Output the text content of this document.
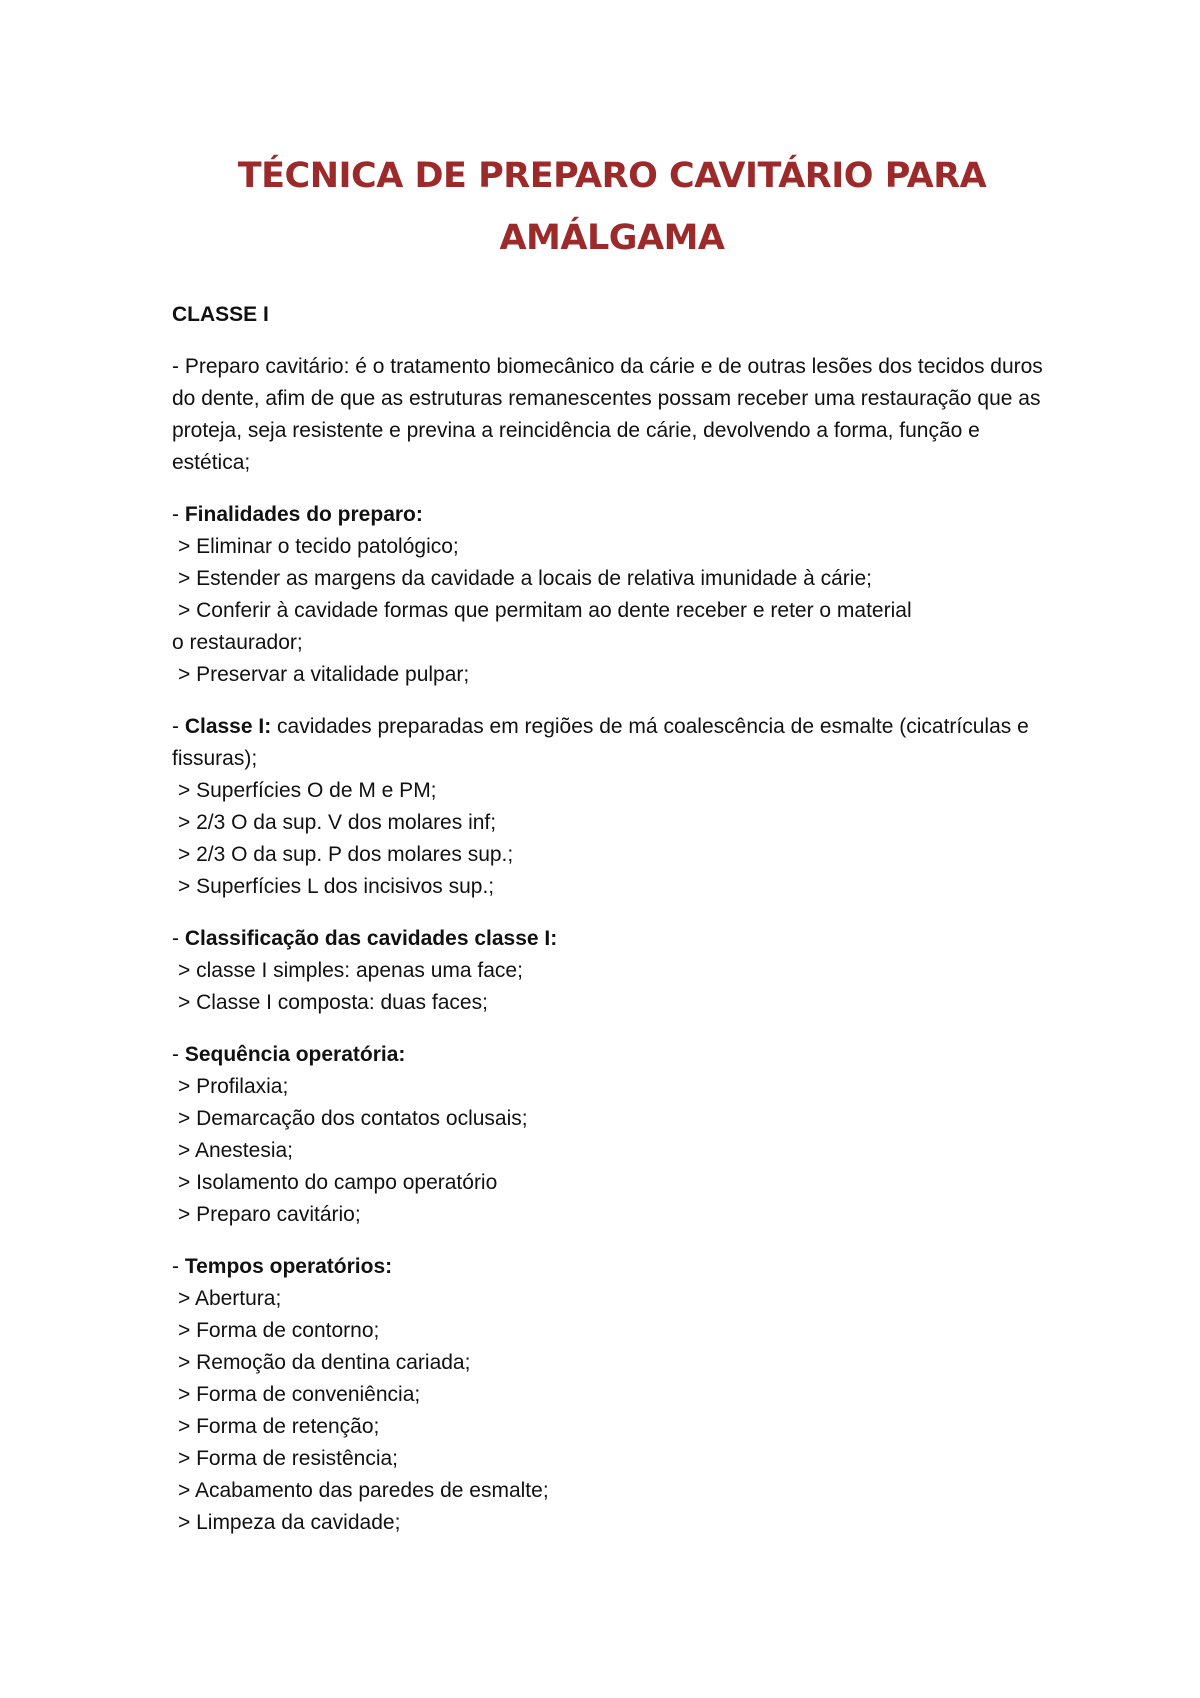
TÉCNICA DE PREPARO CAVITÁRIO PARA
AMÁLGAMA
CLASSE I

- Preparo cavitário: é o tratamento biomecânico da cárie e de outras lesões dos tecidos duros do dente, afim de que as estruturas remanescentes possam receber uma restauração que as proteja, seja resistente e previna a reincidência de cárie, devolvendo a forma, função e estética;

- Finalidades do preparo:
> Eliminar o tecido patológico;
> Estender as margens da cavidade a locais de relativa imunidade à cárie;
> Conferir à cavidade formas que permitam ao dente receber e reter o material
o restaurador;
> Preservar a vitalidade pulpar;
- Classe I: cavidades preparadas em regiões de má coalescência de esmalte (cicatrículas e fissuras);
> Superfícies O de M e PM;
> 2/3 O da sup. V dos molares inf;
> 2/3 O da sup. P dos molares sup.;
> Superfícies L dos incisivos sup.;
- Classificação das cavidades classe I:
> classe I simples: apenas uma face;
> Classe I composta: duas faces;
- Sequência operatória:
> Profilaxia;
> Demarcação dos contatos oclusais;
> Anestesia;
> Isolamento do campo operatório
> Preparo cavitário;
- Tempos operatórios:
> Abertura;
> Forma de contorno;
> Remoção da dentina cariada;
> Forma de conveniência;
> Forma de retenção;
> Forma de resistência;
> Acabamento das paredes de esmalte;
> Limpeza da cavidade;
